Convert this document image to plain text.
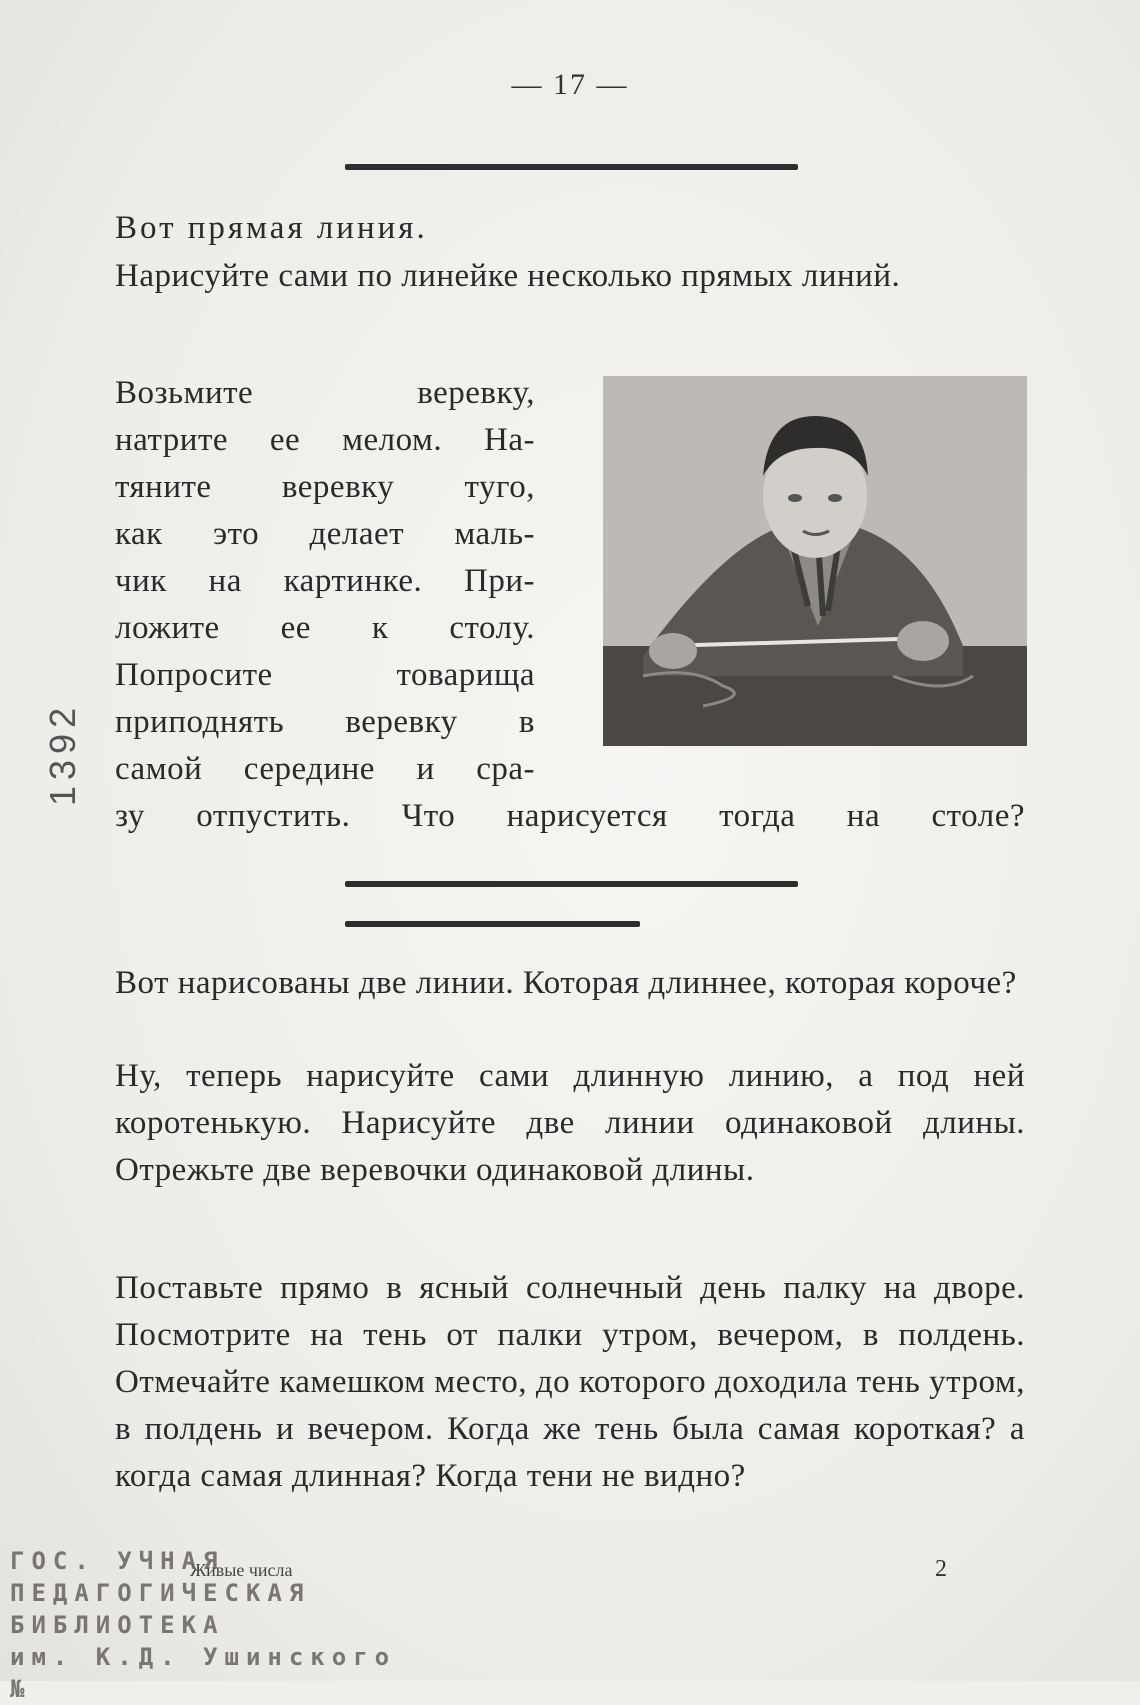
— 17 —

Вот прямая линия.

Нарисуйте сами по линейке несколько прямых линий.

Возьмите веревку,

натрите ее мелом. На-

тяните веревку туго,

как это делает маль-

чик на картинке. При-

ложите ее к столу.

Попросите товарища

приподнять веревку в

самой середине и сра-

зу отпустить. Что нарисуется тогда на столе?

Вот нарисованы две линии. Которая длиннее, которая короче?

Ну, теперь нарисуйте сами длинную линию, а под ней коротенькую. Нарисуйте две линии одинаковой длины. Отрежьте две веревочки одинаковой длины.

Поставьте прямо в ясный солнечный день палку на дворе. Посмотрите на тень от палки утром, вечером, в полдень. Отмечайте камешком место, до которого доходила тень утром, в полдень и вечером. Когда же тень была самая короткая? а когда самая длинная? Когда тени не видно?

1392
Живые числа	2
ГОС. УЧНАЯ
ПЕДАГОГИЧЕСКАЯ
БИБЛИОТЕКА
им. К.Д. Ушинского
№
